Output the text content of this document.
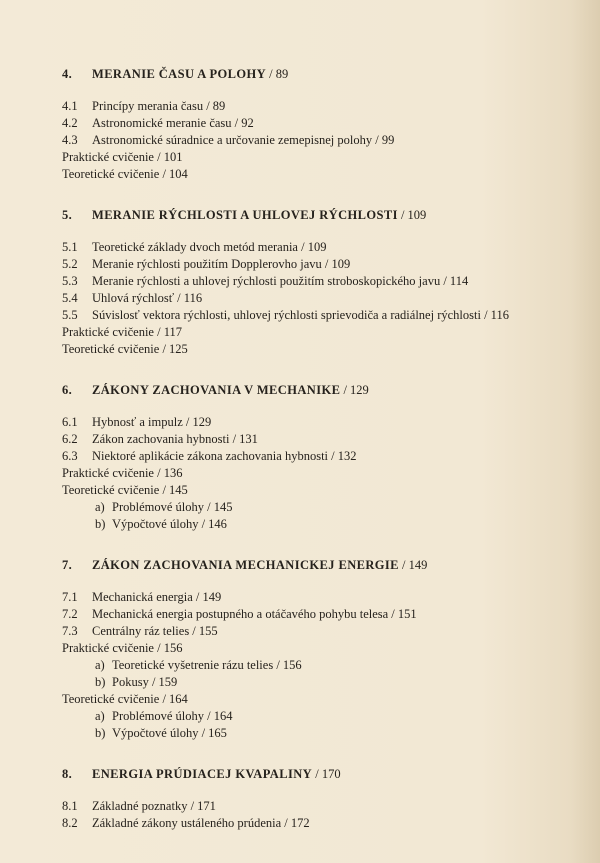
4. MERANIE ČASU A POLOHY / 89
4.1 Princípy merania času / 89
4.2 Astronomické meranie času / 92
4.3 Astronomické súradnice a určovanie zemepisnej polohy / 99
Praktické cvičenie / 101
Teoretické cvičenie / 104
5. MERANIE RÝCHLOSTI A UHLOVEJ RÝCHLOSTI / 109
5.1 Teoretické základy dvoch metód merania / 109
5.2 Meranie rýchlosti použitím Dopplerovho javu / 109
5.3 Meranie rýchlosti a uhlovej rýchlosti použitím stroboskopického javu / 114
5.4 Uhlová rýchlosť / 116
5.5 Súvislosť vektora rýchlosti, uhlovej rýchlosti sprievodiča a radiálnej rýchlosti / 116
Praktické cvičenie / 117
Teoretické cvičenie / 125
6. ZÁKONY ZACHOVANIA V MECHANIKE / 129
6.1 Hybnosť a impulz / 129
6.2 Zákon zachovania hybnosti / 131
6.3 Niektoré aplikácie zákona zachovania hybnosti / 132
Praktické cvičenie / 136
Teoretické cvičenie / 145
a) Problémové úlohy / 145
b) Výpočtové úlohy / 146
7. ZÁKON ZACHOVANIA MECHANICKEJ ENERGIE / 149
7.1 Mechanická energia / 149
7.2 Mechanická energia postupného a otáčavého pohybu telesa / 151
7.3 Centrálny ráz telies / 155
Praktické cvičenie / 156
a) Teoretické vyšetrenie rázu telies / 156
b) Pokusy / 159
Teoretické cvičenie / 164
a) Problémové úlohy / 164
b) Výpočtové úlohy / 165
8. ENERGIA PRÚDIACEJ KVAPALINY / 170
8.1 Základné poznatky / 171
8.2 Základné zákony ustáleného prúdenia / 172
